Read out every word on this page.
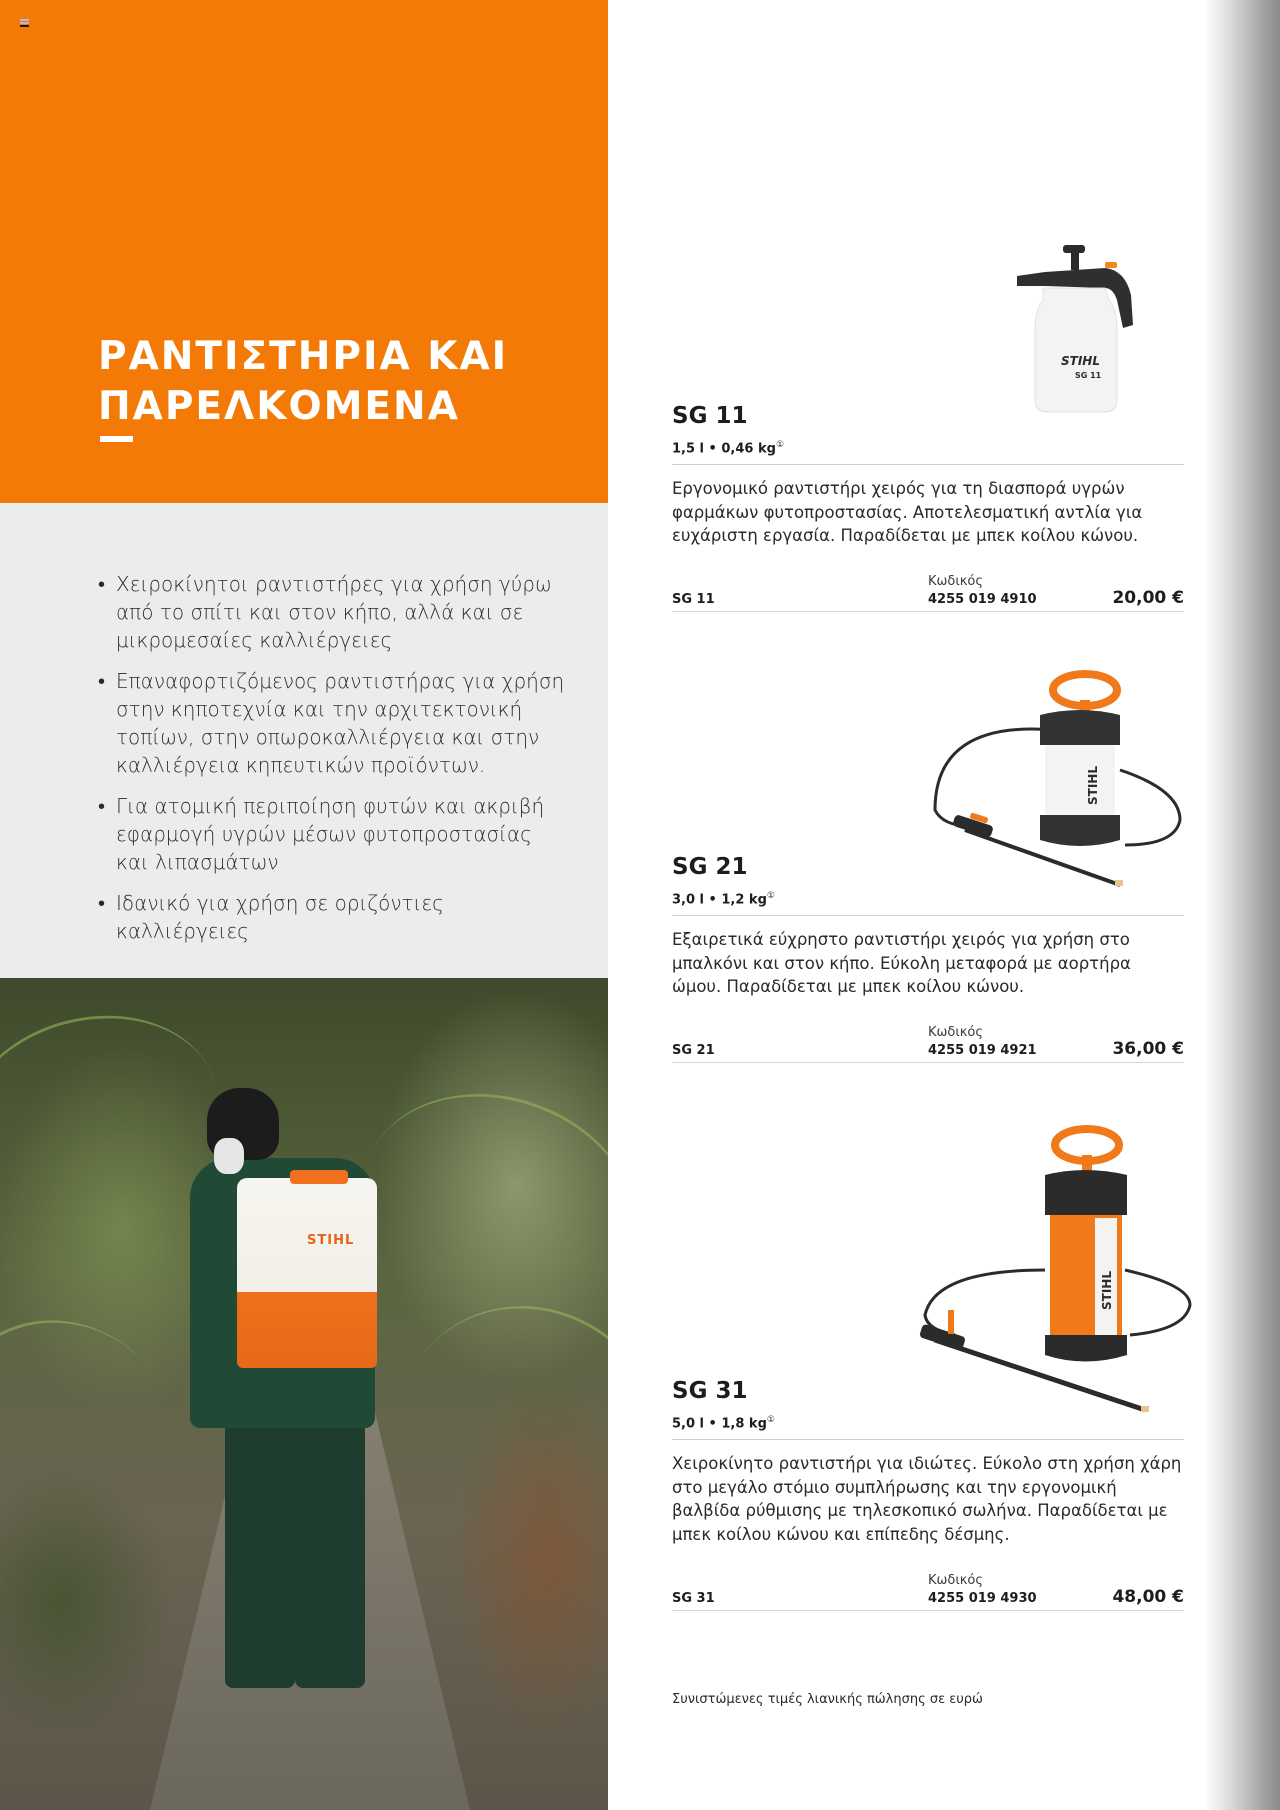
ΡΑΝΤΙΣΤΗΡΙΑ ΚΑΙ
ΠΑΡΕΛΚΟΜΕΝΑ
• Χειροκίνητοι ραντιστήρες για χρήση γύρω από το σπίτι και στον κήπο, αλλά και σε μικρομεσαίες καλλιέργειες
• Επαναφορτιζόμενος ραντιστήρας για χρήση στην κηποτεχνία και την αρχιτεκτονική τοπίων, στην οπωροκαλλιέργεια και στην καλλιέργεια κηπευτικών προϊόντων.
• Για ατομική περιποίηση φυτών και ακριβή εφαρμογή υγρών μέσων φυτοπροστασίας και λιπασμάτων
• Ιδανικό για χρήση σε οριζόντιες καλλιέργειες
STIHL
STIHL
SG 11
STIHL
STIHL
SG 11
1,5 l • 0,46 kg①

Εργονομικό ραντιστήρι χειρός για τη διασπορά υγρών φαρμάκων φυτοπροστασίας. Αποτελεσματική αντλία για ευχάριστη εργασία. Παραδίδεται με μπεκ κοίλου κώνου.

SG 11
Κωδικός
4255 019 4910	20,00 €
SG 21
3,0 l • 1,2 kg①

Εξαιρετικά εύχρηστο ραντιστήρι χειρός για χρήση στο μπαλκόνι και στον κήπο. Εύκολη μεταφορά με αορτήρα ώμου. Παραδίδεται με μπεκ κοίλου κώνου.

SG 21
Κωδικός
4255 019 4921	36,00 €
SG 31
5,0 l • 1,8 kg①

Χειροκίνητο ραντιστήρι για ιδιώτες. Εύκολο στη χρήση χάρη στο μεγάλο στόμιο συμπλήρωσης και την εργονομική βαλβίδα ρύθμισης με τηλεσκοπικό σωλήνα. Παραδίδεται με μπεκ κοίλου κώνου και επίπεδης δέσμης.

SG 31
Κωδικός
4255 019 4930	48,00 €
Συνιστώμενες τιμές λιανικής πώλησης σε ευρώ
